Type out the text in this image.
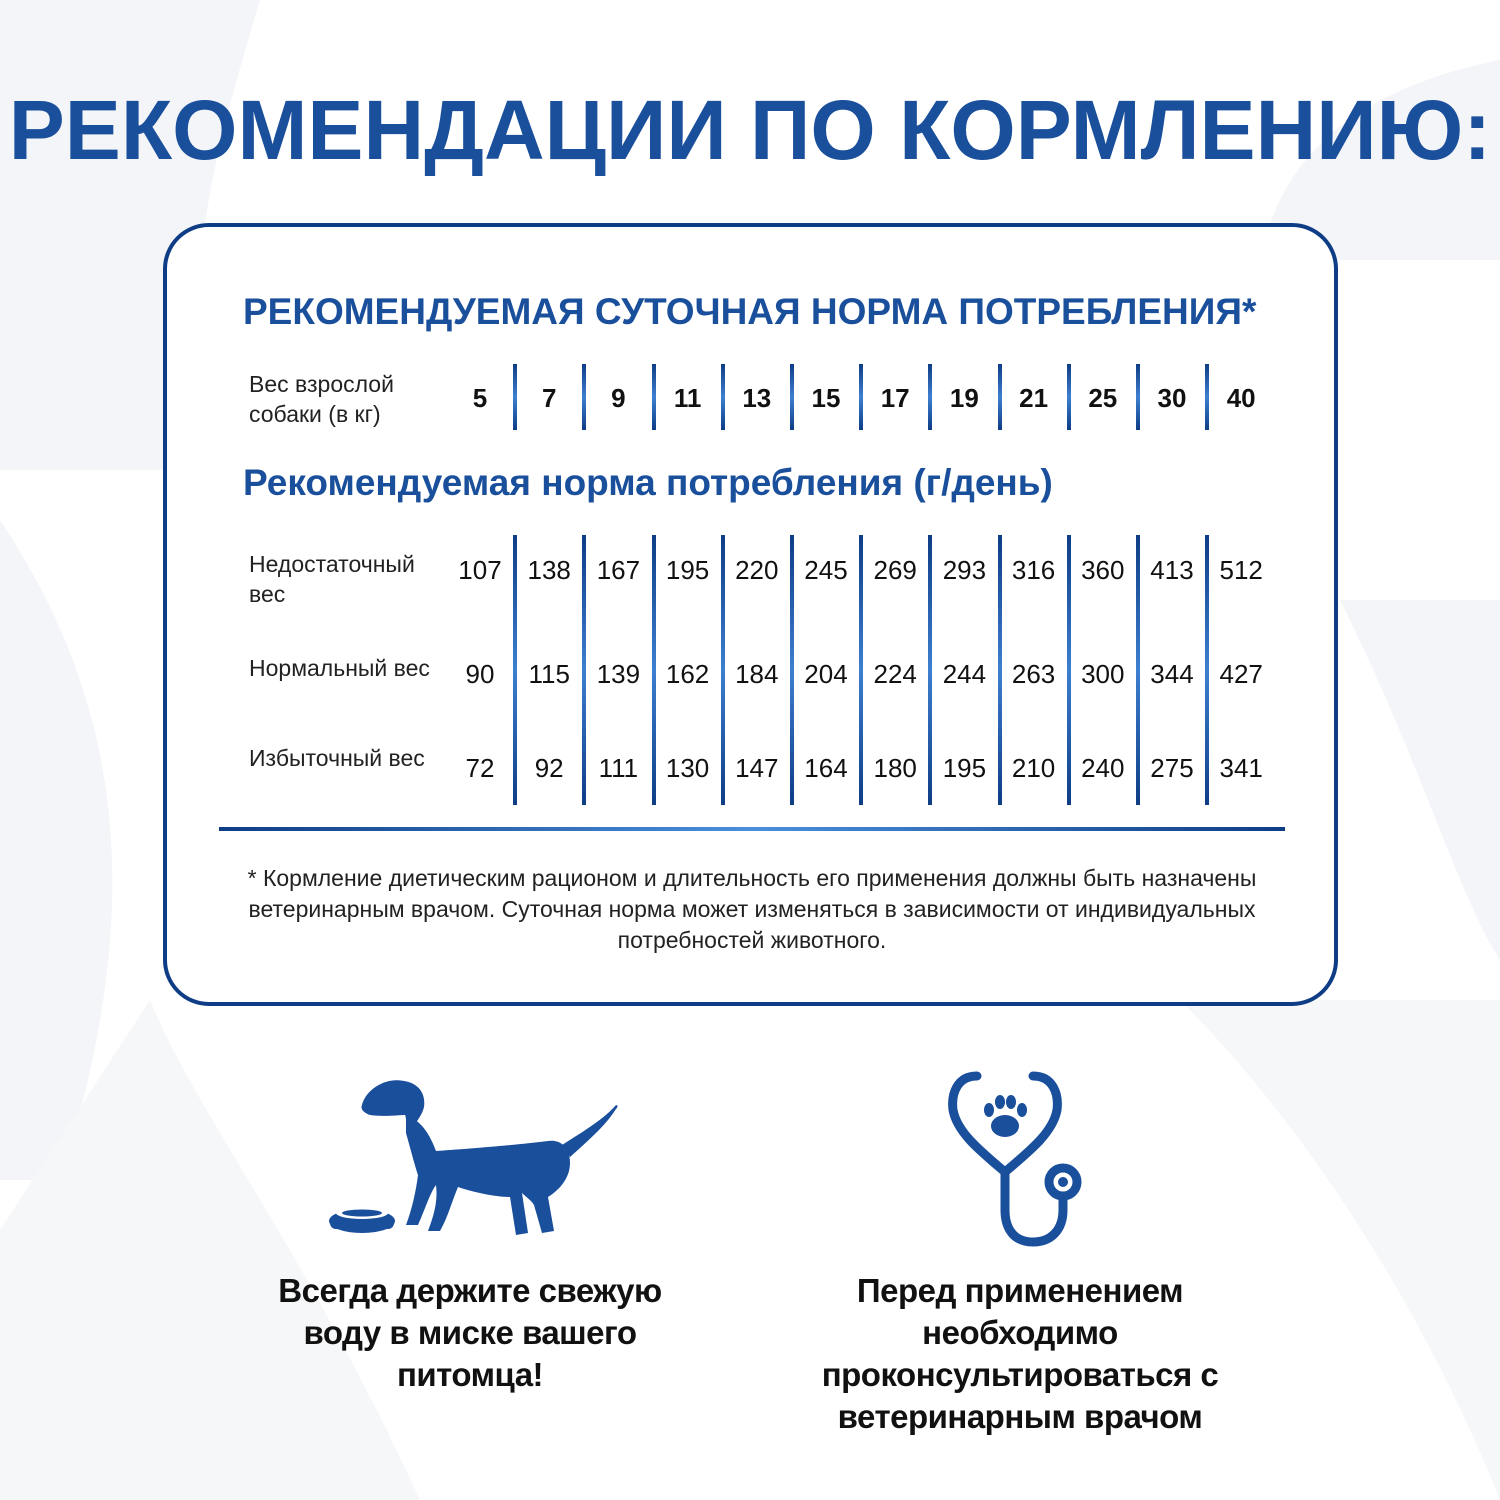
РЕКОМЕНДАЦИИ ПО КОРМЛЕНИЮ:
РЕКОМЕНДУЕМАЯ СУТОЧНАЯ НОРМА ПОТРЕБЛЕНИЯ*
Вес взрослой собаки (в кг)
Рекомендуемая норма потребления (г/день)
Недостаточный вес
Нормальный вес
Избыточный вес
* Кормление диетическим рационом и длительность его применения должны быть назначены ветеринарным врачом. Суточная норма может изменяться в зависимости от индивидуальных потребностей животного.
5
107
90
72
7
138
115
92
9
167
139
111
11
195
162
130
13
220
184
147
15
245
204
164
17
269
224
180
19
293
244
195
21
316
263
210
25
360
300
240
30
413
344
275
40
512
427
341
Всегда держите свежую воду в миске вашего питомца!
Перед применением необходимо проконсультироваться с ветеринарным врачом
